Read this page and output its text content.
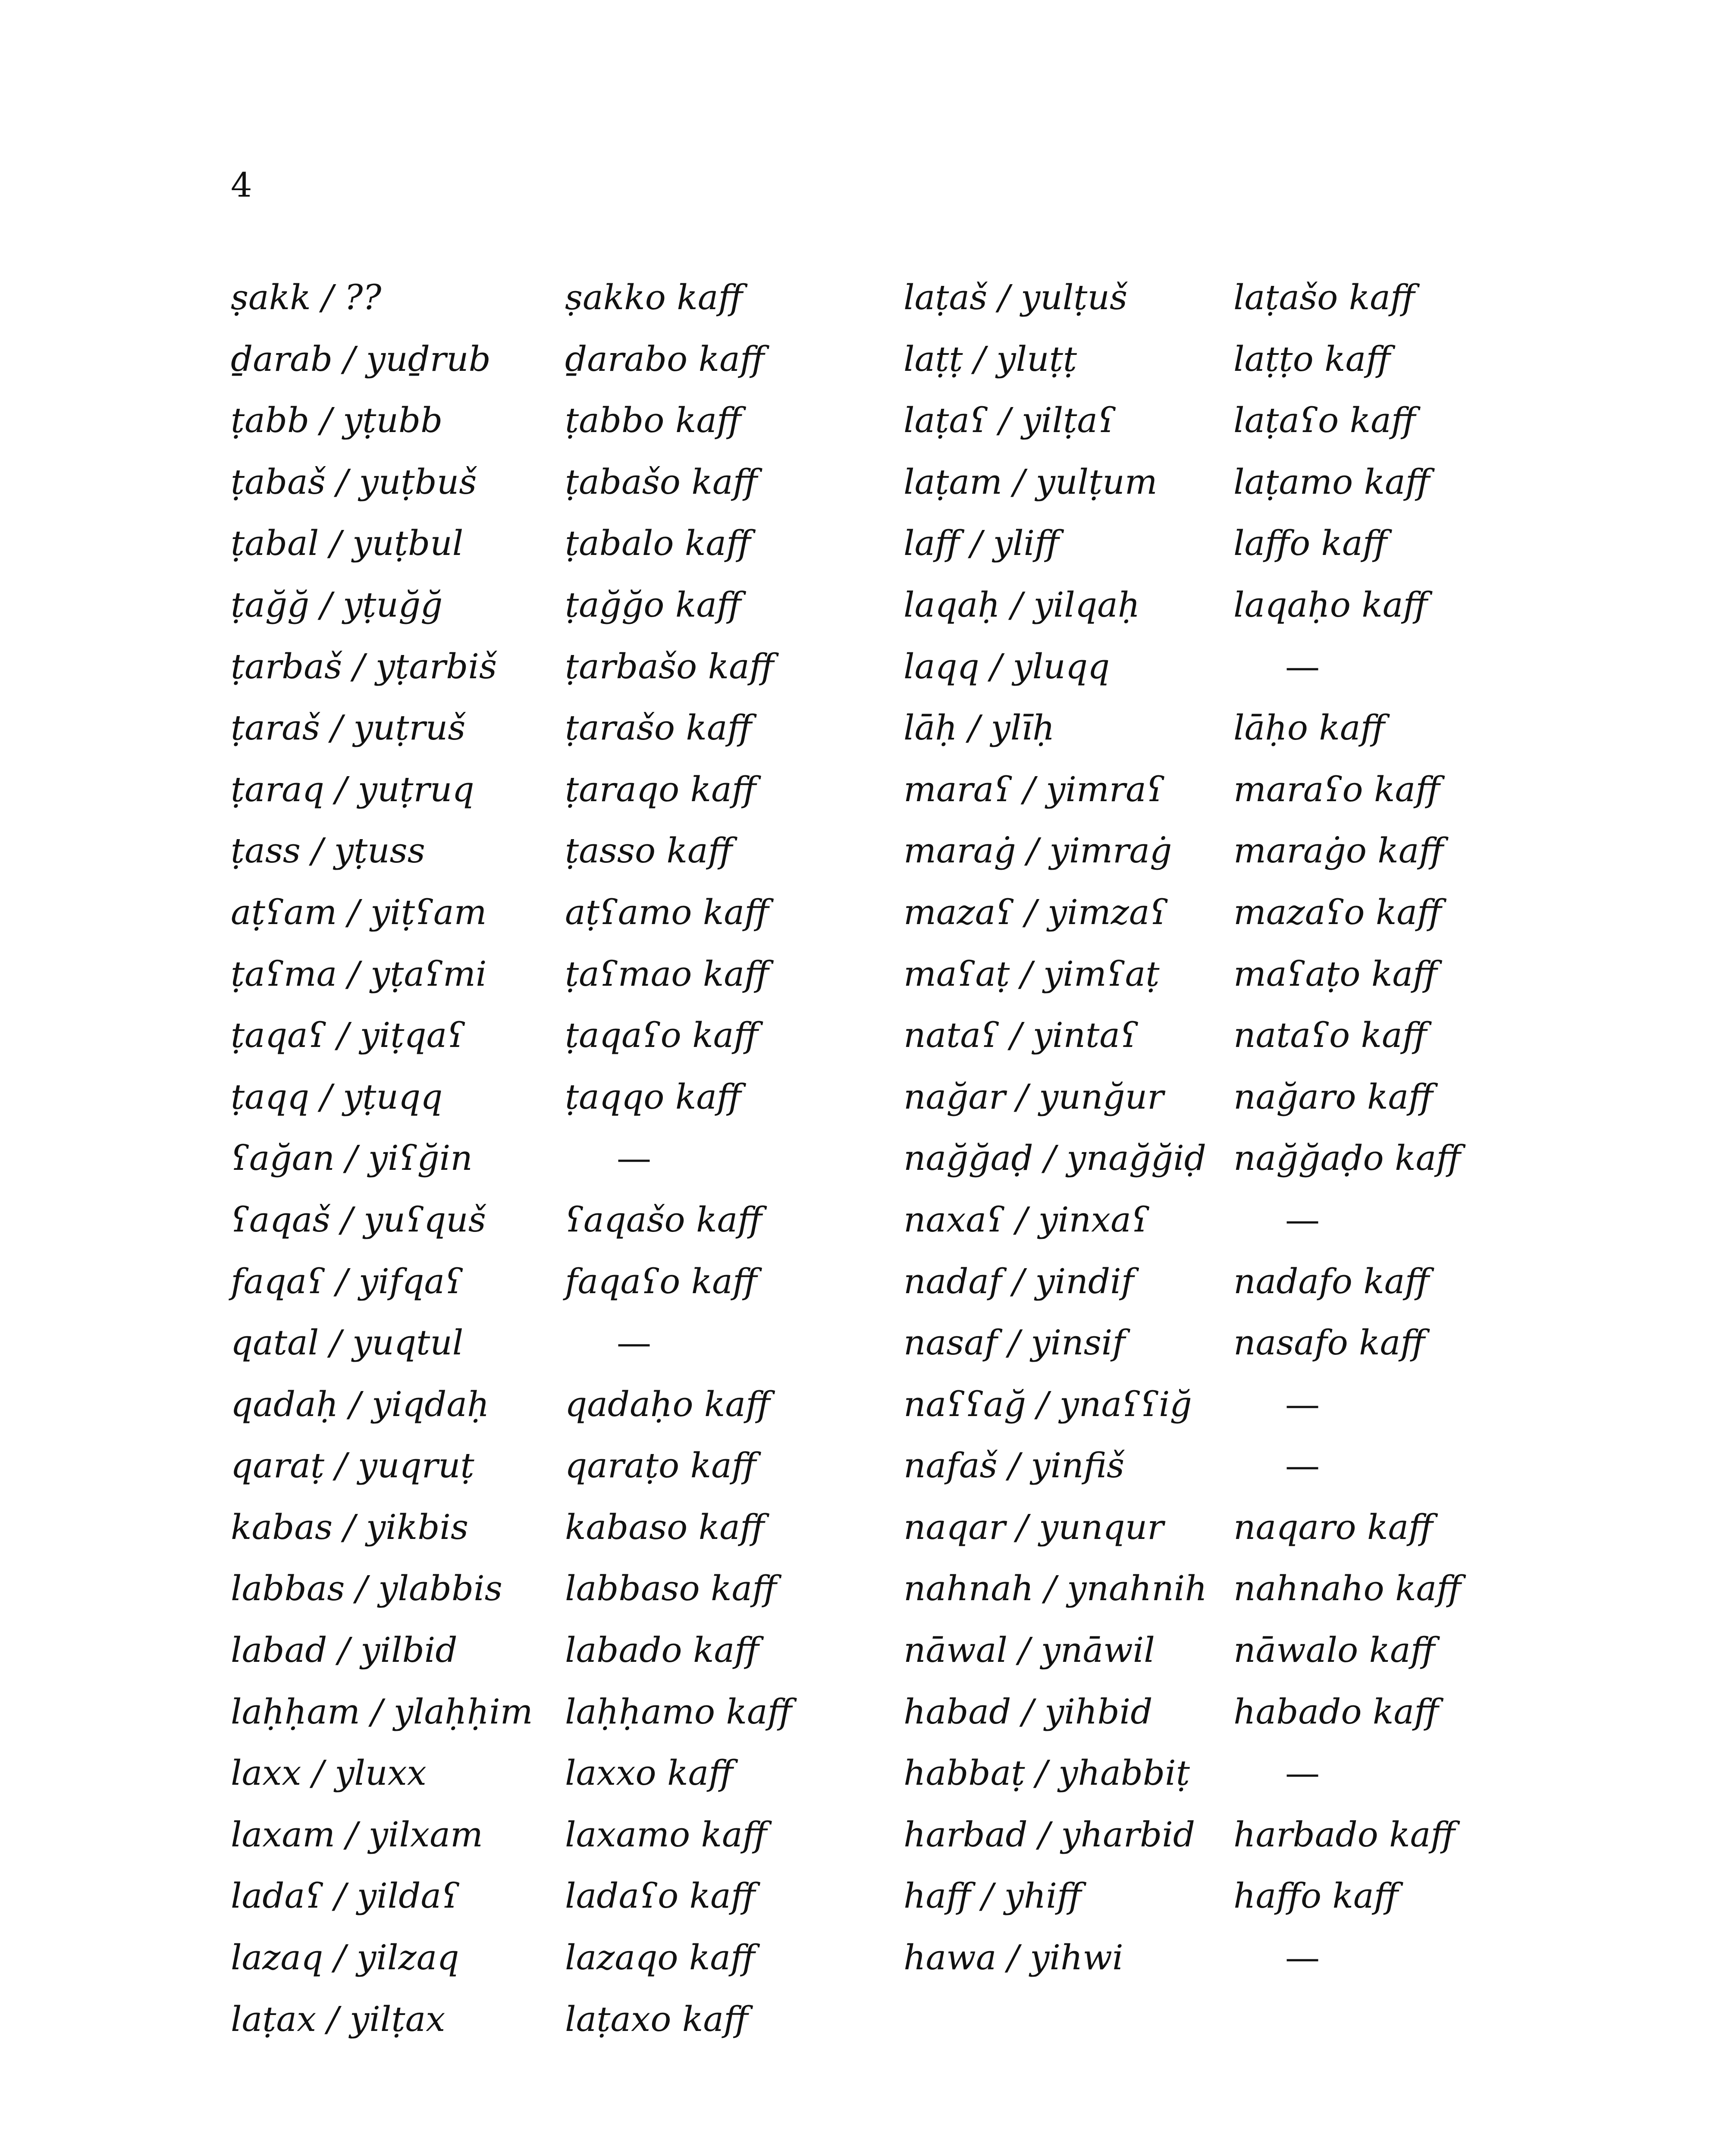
4
ṣakk / ??
ḏarab / yuḏrub
ṭabb / yṭubb
ṭabaš / yuṭbuš
ṭabal / yuṭbul
ṭağğ / yṭuğğ
ṭarbaš / yṭarbiš
ṭaraš / yuṭruš
ṭaraq / yuṭruq
ṭass / yṭuss
aṭʕam / yiṭʕam
ṭaʕma / yṭaʕmi
ṭaqaʕ / yiṭqaʕ
ṭaqq / yṭuqq
ʕağan / yiʕğin
ʕaqaš / yuʕquš
faqaʕ / yifqaʕ
qatal / yuqtul
qadaḥ / yiqdaḥ
qaraṭ / yuqruṭ
kabas / yikbis
labbas / ylabbis
labad / yilbid
laḥḥam / ylaḥḥim
laxx / yluxx
laxam / yilxam
ladaʕ / yildaʕ
lazaq / yilzaq
laṭax / yilṭax
ṣakko kaff
ḏarabo kaff
ṭabbo kaff
ṭabašo kaff
ṭabalo kaff
ṭağğo kaff
ṭarbašo kaff
ṭarašo kaff
ṭaraqo kaff
ṭasso kaff
aṭʕamo kaff
ṭaʕmao kaff
ṭaqaʕo kaff
ṭaqqo kaff
—
ʕaqašo kaff
faqaʕo kaff
—
qadaḥo kaff
qaraṭo kaff
kabaso kaff
labbaso kaff
labado kaff
laḥḥamo kaff
laxxo kaff
laxamo kaff
ladaʕo kaff
lazaqo kaff
laṭaxo kaff
laṭaš / yulṭuš
laṭṭ / yluṭṭ
laṭaʕ / yilṭaʕ
laṭam / yulṭum
laff / yliff
laqaḥ / yilqaḥ
laqq / yluqq
lāḥ / ylīḥ
maraʕ / yimraʕ
maraġ / yimraġ
mazaʕ / yimzaʕ
maʕaṭ / yimʕaṭ
nataʕ / yintaʕ
nağar / yunğur
nağğaḍ / ynağğiḍ
naxaʕ / yinxaʕ
nadaf / yindif
nasaf / yinsif
naʕʕağ / ynaʕʕiğ
nafaš / yinfiš
naqar / yunqur
nahnah / ynahnih
nāwal / ynāwil
habad / yihbid
habbaṭ / yhabbiṭ
harbad / yharbid
haff / yhiff
hawa / yihwi
laṭašo kaff
laṭṭo kaff
laṭaʕo kaff
laṭamo kaff
laffo kaff
laqaḥo kaff
—
lāḥo kaff
maraʕo kaff
maraġo kaff
mazaʕo kaff
maʕaṭo kaff
nataʕo kaff
nağaro kaff
nağğaḍo kaff
—
nadafo kaff
nasafo kaff
—
—
naqaro kaff
nahnaho kaff
nāwalo kaff
habado kaff
—
harbado kaff
haffo kaff
—
